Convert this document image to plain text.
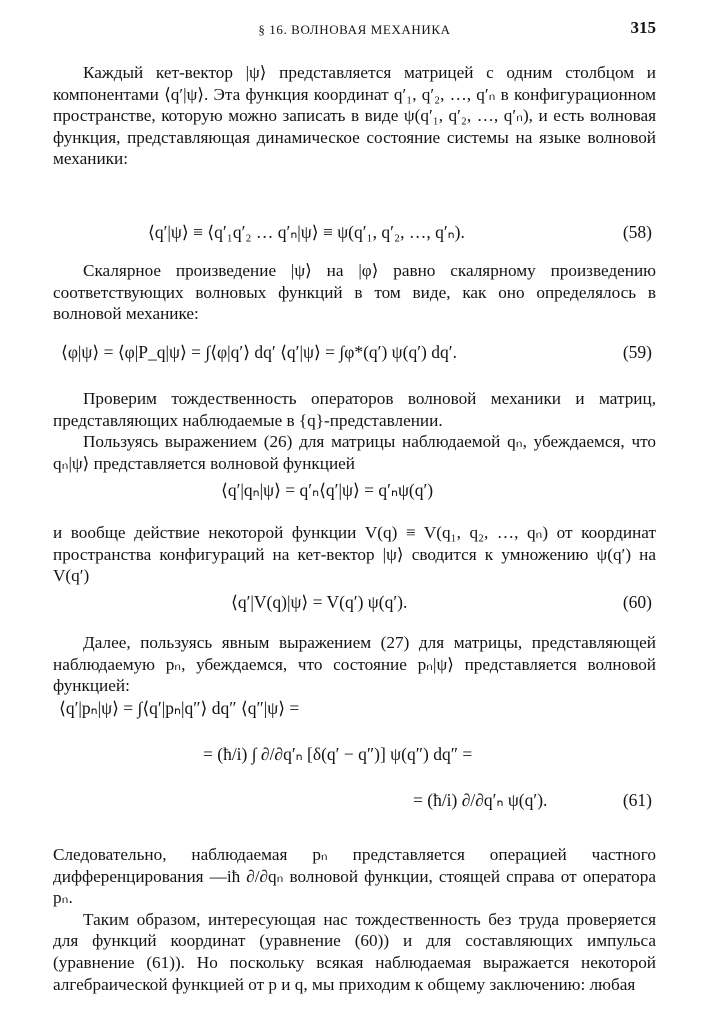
§ 16. ВОЛНОВАЯ МЕХАНИКА	315

Каждый кет-вектор |ψ⟩ представляется матрицей с одним столбцом и компонентами ⟨q′|ψ⟩. Эта функция координат q′₁, q′₂, …, q′ₙ в конфигурационном пространстве, которую можно записать в виде ψ(q′₁, q′₂, …, q′ₙ), и есть волновая функция, представляющая динамическое состояние системы на языке волновой механики:

⟨q′|ψ⟩ ≡ ⟨q′₁q′₂ … q′ₙ|ψ⟩ ≡ ψ(q′₁, q′₂, …, q′ₙ).	(58)

Скалярное произведение |ψ⟩ на |φ⟩ равно скалярному произведению соответствующих волновых функций в том виде, как оно определялось в волновой механике:

⟨φ|ψ⟩ = ⟨φ|P_q|ψ⟩ = ∫⟨φ|q′⟩ dq′ ⟨q′|ψ⟩ = ∫φ*(q′) ψ(q′) dq′.	(59)

Проверим тождественность операторов волновой механики и матриц, представляющих наблюдаемые в {q}-представлении.

Пользуясь выражением (26) для матрицы наблюдаемой qₙ, убеждаемся, что qₙ|ψ⟩ представляется волновой функцией

⟨q′|qₙ|ψ⟩ = q′ₙ⟨q′|ψ⟩ = q′ₙψ(q′)

и вообще действие некоторой функции V(q) ≡ V(q₁, q₂, …, qₙ) от координат пространства конфигураций на кет-вектор |ψ⟩ сводится к умножению ψ(q′) на V(q′)

⟨q′|V(q)|ψ⟩ = V(q′) ψ(q′).	(60)

Далее, пользуясь явным выражением (27) для матрицы, представляющей наблюдаемую pₙ, убеждаемся, что состояние pₙ|ψ⟩ представляется волновой функцией:

⟨q′|pₙ|ψ⟩ = ∫⟨q′|pₙ|q″⟩ dq″ ⟨q″|ψ⟩ =
= (ħ/i) ∫ ∂/∂q′ₙ [δ(q′ − q″)] ψ(q″) dq″ =
= (ħ/i) ∂/∂q′ₙ ψ(q′).	(61)

Следовательно, наблюдаемая pₙ представляется операцией частного дифференцирования —iħ ∂/∂qₙ волновой функции, стоящей справа от оператора pₙ.

Таким образом, интересующая нас тождественность без труда проверяется для функций координат (уравнение (60)) и для составляющих импульса (уравнение (61)). Но поскольку всякая наблюдаемая выражается некоторой алгебраической функцией от p и q, мы приходим к общему заключению: любая
